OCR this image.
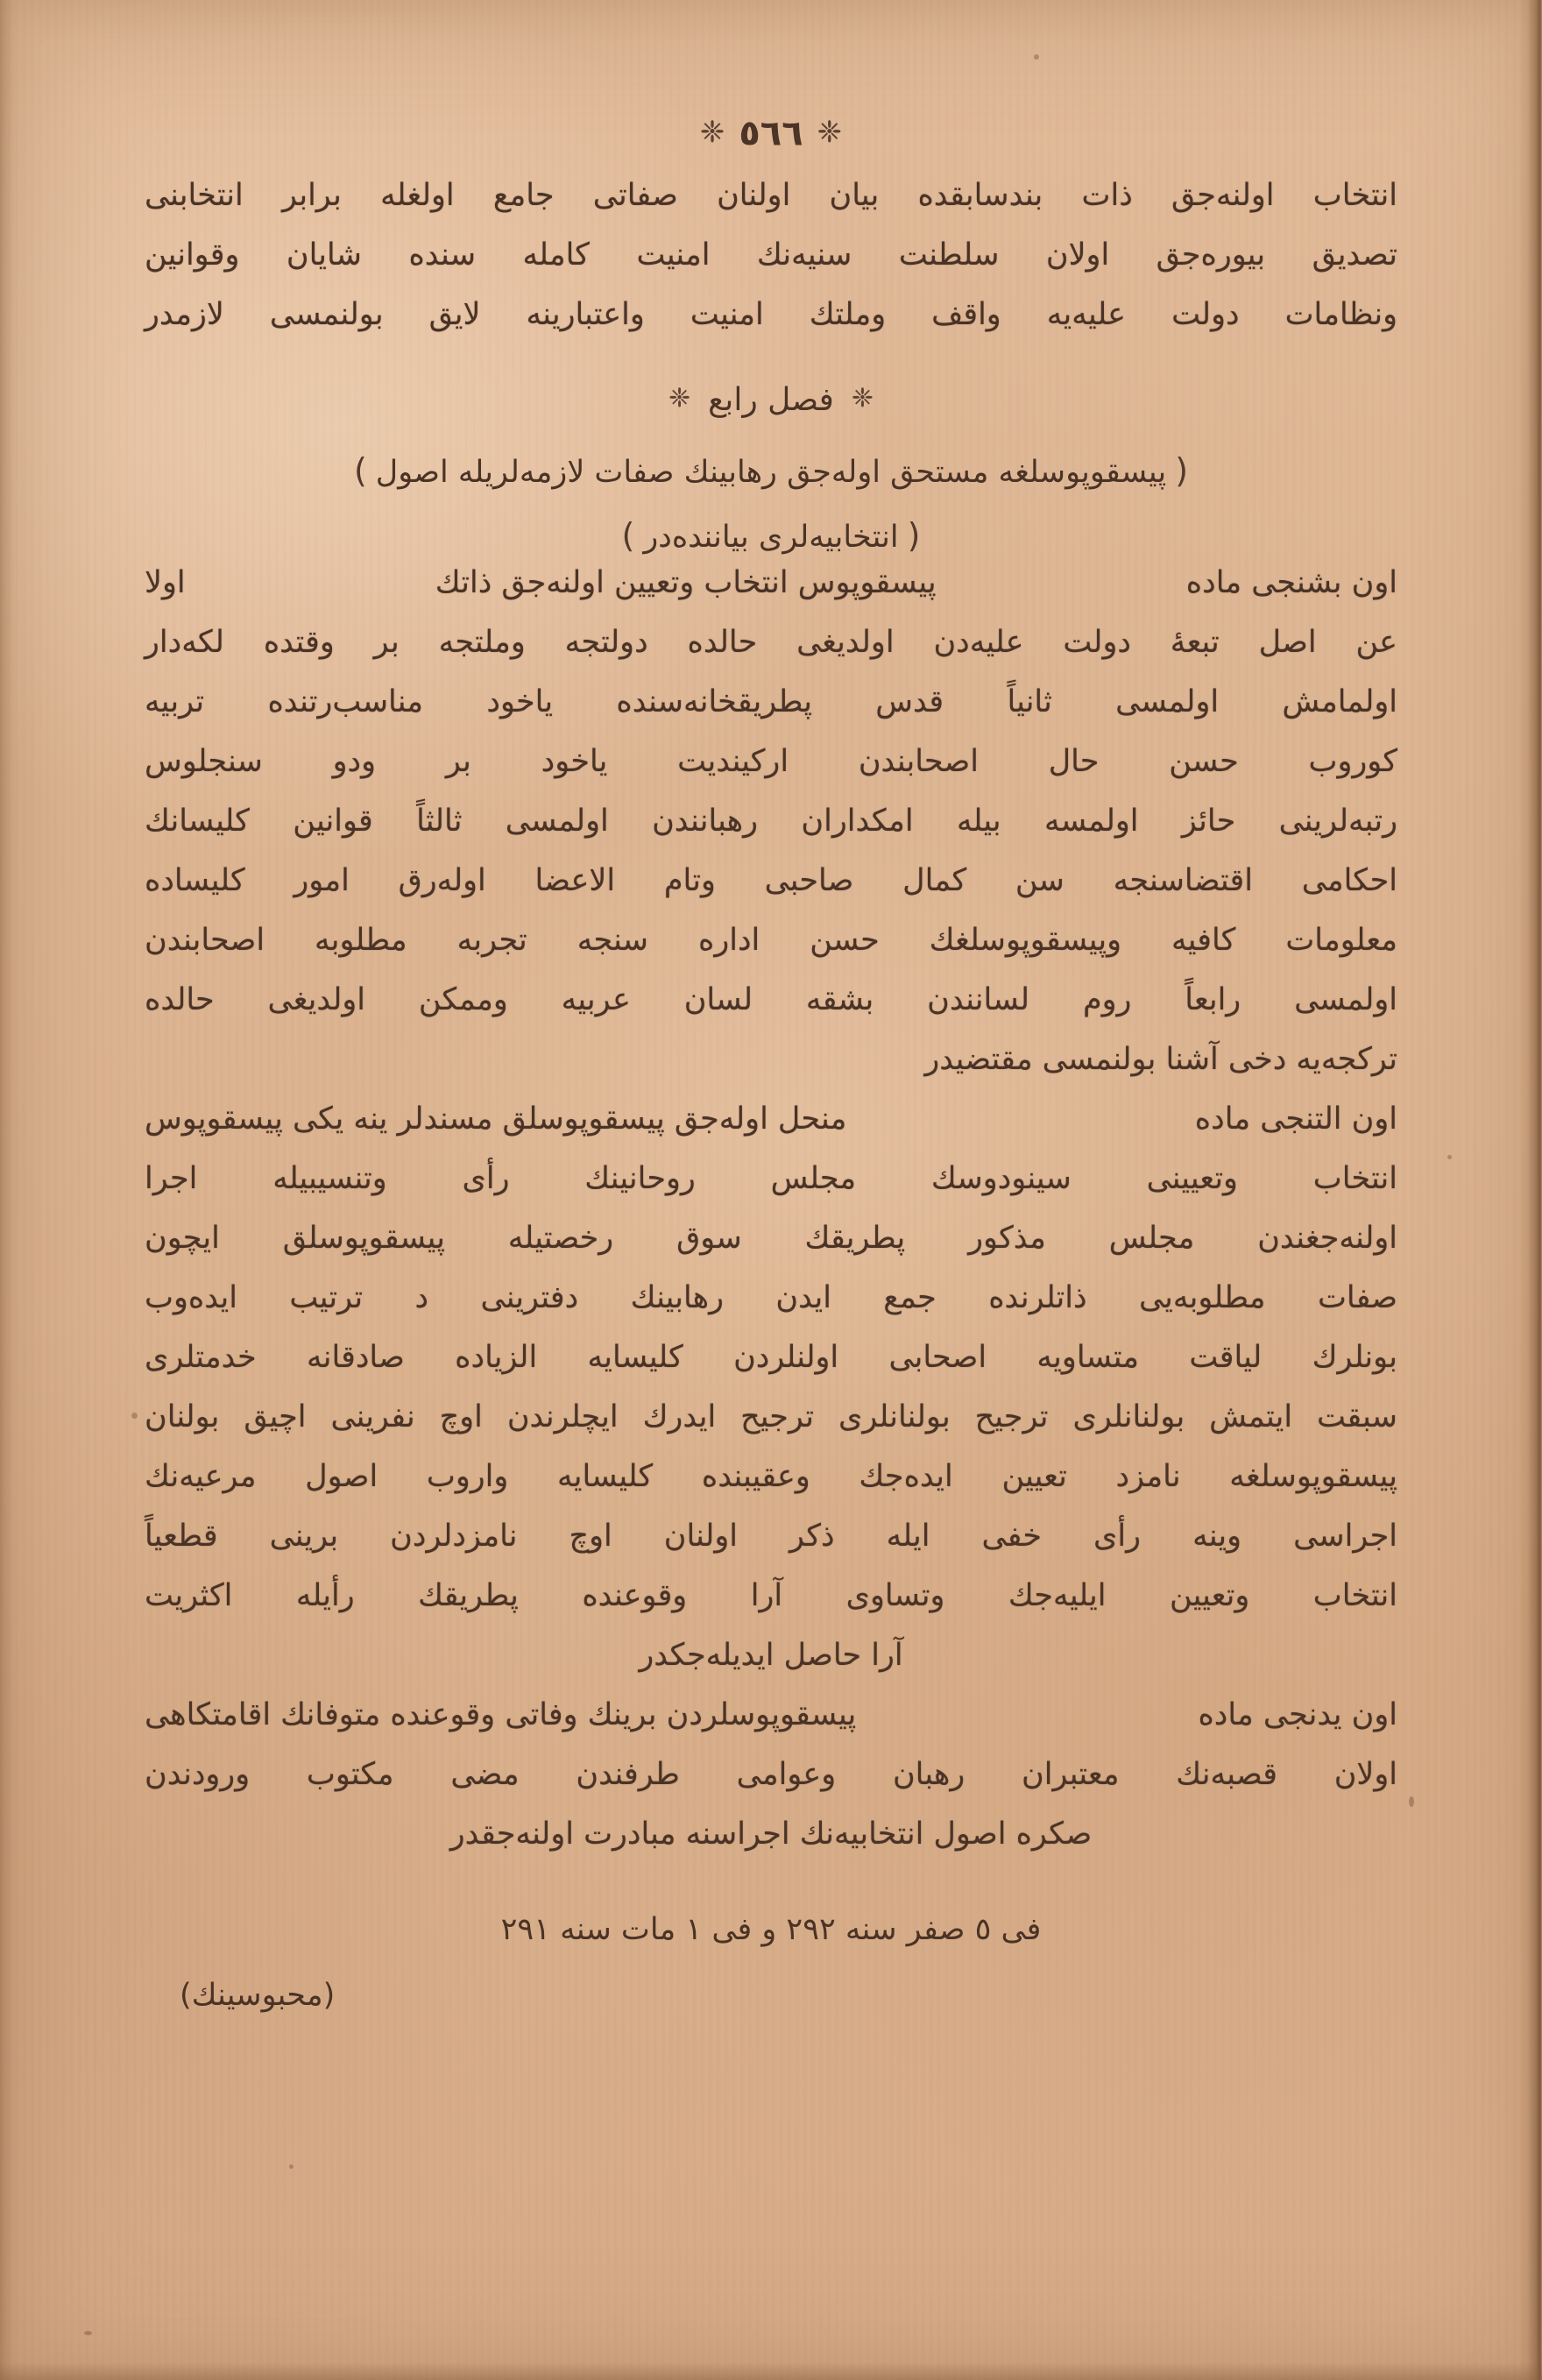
❈٥٦٦❈
انتخاب اولنه‌جق ذات بندسابقده بیان اولنان صفاتی جامع اولغله برابر انتخابنی
تصدیق بیوره‌جق اولان سلطنت سنیه‌نك امنیت كامله سنده شایان وقوانین
ونظامات دولت علیه‌یه واقف وملتك امنیت واعتبارینه لایق بولنمسی لازمدر
❈فصل رابع❈
(پیسقوپوسلغه مستحق اوله‌جق رهابینك صفات لازمه‌لریله اصول)
(انتخابیه‌لری بیاننده‌در)
اون بشنجی ماده
پیسقوپوس انتخاب وتعیین اولنه‌جق ذاتك
اولا
عن اصل تبعۀ دولت علیه‌دن اولدیغی حالده دولتجه وملتجه بر وقتده لكه‌دار
اولمامش اولمسی ثانیاً قدس پطریقخانه‌سنده یاخود مناسب‌رتنده تربیه
كوروب حسن حال اصحابندن ارکیندیت یاخود بر ودو سنجلوس
رتبه‌لرینی حائز اولمسه بیله امكداران رهبانندن اولمسی ثالثاً قوانین كلیسانك
احكامی اقتضاسنجه سن كمال صاحبی وتام الاعضا اولەرق امور كلیساده
معلومات كافیه وپیسقوپوسلغك حسن اداره سنجه تجربه مطلوبه اصحابندن
اولمسی رابعاً روم لسانندن بشقه لسان عربیه وممكن اولدیغی حالده
تركجه‌یه دخی آشنا بولنمسی مقتضیدر
اون التنجی ماده
منحل اوله‌جق پیسقوپوسلق مسندلر ینه یکی پیسقوپوس
انتخاب وتعیینی سینودوسك مجلس روحانینك رأی وتنسیبیله اجرا
اولنه‌جغندن مجلس مذكور پطریقك سوق رخصتیله پیسقوپوسلق ایچون
صفات مطلوبه‌یی ذاتلرنده جمع ایدن رهابینك دفترینی د ترتیب ایدەوب
بونلرك لیاقت متساویه اصحابی اولنلردن كلیسایه الزیاده صادقانه خدمتلری
سبقت ایتمش بولنانلری ترجیح بولنانلری ترجیح ایدرك ایچلرندن اوچ نفرینی اچیق بولنان
پیسقوپوسلغه نامزد تعیین ایده‌جك وعقیبنده كلیسایه واروب اصول مرعیه‌نك
اجراسی وینه رأی خفی ایله ذكر اولنان اوچ نامزدلردن برینی قطعیاً
انتخاب وتعیین ایلیه‌جك وتساوی آرا وقوعنده پطریقك رأیله اكثریت
آرا حاصل ایدیله‌جكدر
اون یدنجی ماده
پیسقوپوسلردن برینك وفاتی وقوعنده متوفانك اقامتکاهی
اولان قصبه‌نك معتبران رهبان وعوامی طرفندن مضی مكتوب ورودندن
صكره اصول انتخابیه‌نك اجراسنه مبادرت اولنه‌جقدر
فی ٥ صفر سنه ٢٩٢ و فی ١ مات سنه ٢٩١
(محبوسینك)
